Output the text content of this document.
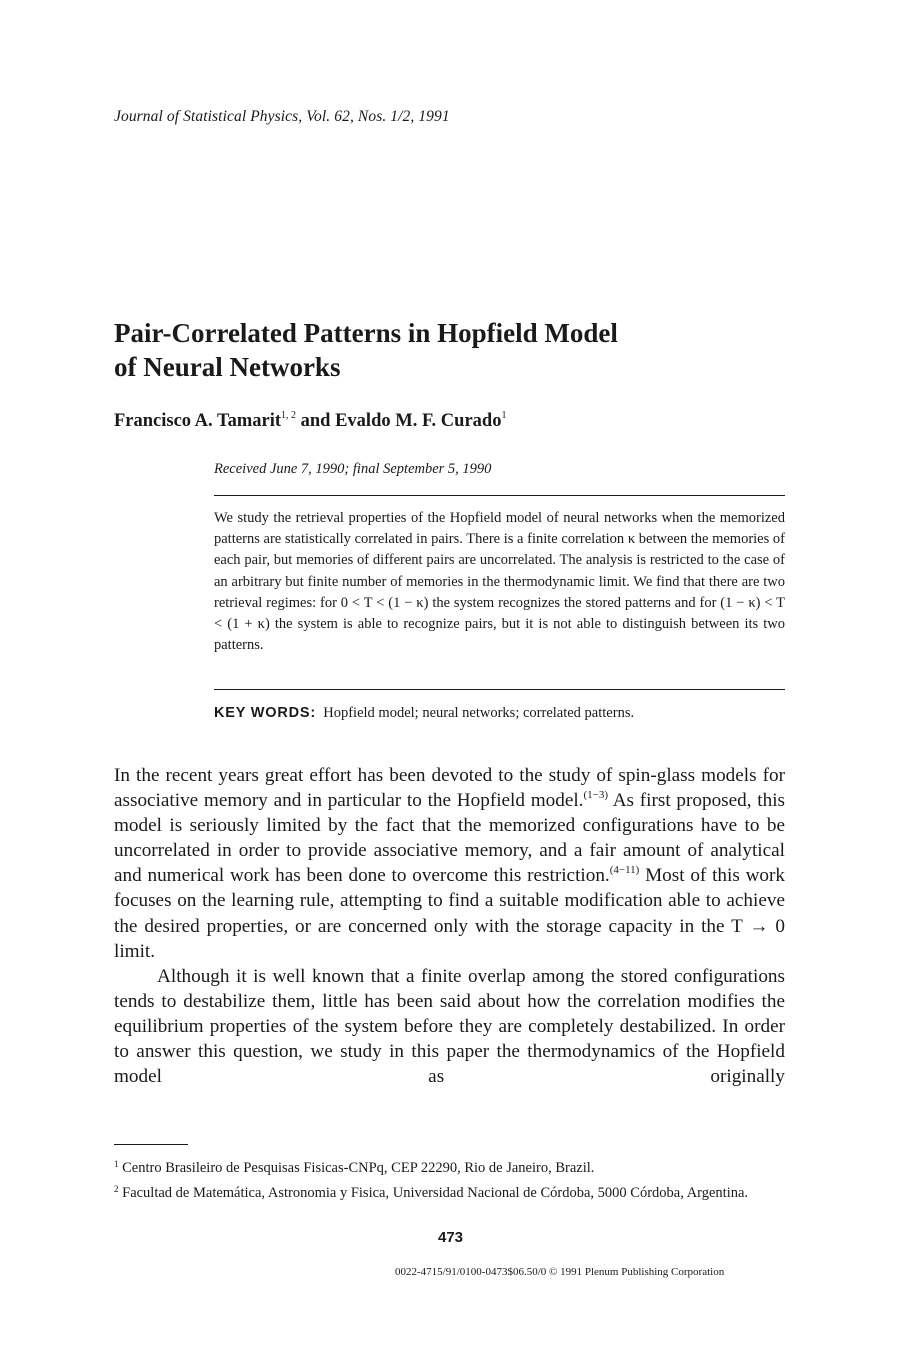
Journal of Statistical Physics, Vol. 62, Nos. 1/2, 1991
Pair-Correlated Patterns in Hopfield Model
of Neural Networks
Francisco A. Tamarit$^{1, 2}$ and Evaldo M. F. Curado$^1$
Received June 7, 1990; final September 5, 1990
We study the retrieval properties of the Hopfield model of neural networks when the memorized patterns are statistically correlated in pairs. There is a finite correlation κ between the memories of each pair, but memories of different pairs are uncorrelated. The analysis is restricted to the case of an arbitrary but finite number of memories in the thermodynamic limit. We find that there are two retrieval regimes: for 0 < T < (1 − κ) the system recognizes the stored patterns and for (1 − κ) < T < (1 + κ) the system is able to recognize pairs, but it is not able to distinguish between its two patterns.
KEY WORDS: Hopfield model; neural networks; correlated patterns.

In the recent years great effort has been devoted to the study of spin-glass models for associative memory and in particular to the Hopfield model.$^{(1-3)}$ As first proposed, this model is seriously limited by the fact that the memorized configurations have to be uncorrelated in order to provide associative memory, and a fair amount of analytical and numerical work has been done to overcome this restriction.$^{(4-11)}$ Most of this work focuses on the learning rule, attempting to find a suitable modification able to achieve the desired properties, or are concerned only with the storage capacity in the T → 0 limit.

Although it is well known that a finite overlap among the stored configurations tends to destabilize them, little has been said about how the correlation modifies the equilibrium properties of the system before they are completely destabilized. In order to answer this question, we study in this paper the thermodynamics of the Hopfield model as originally

$^1$ Centro Brasileiro de Pesquisas Fisicas-CNPq, CEP 22290, Rio de Janeiro, Brazil.
$^2$ Facultad de Matemática, Astronomia y Fisica, Universidad Nacional de Córdoba, 5000 Córdoba, Argentina.
473
0022-4715/91/0100-0473$06.50/0 © 1991 Plenum Publishing Corporation
